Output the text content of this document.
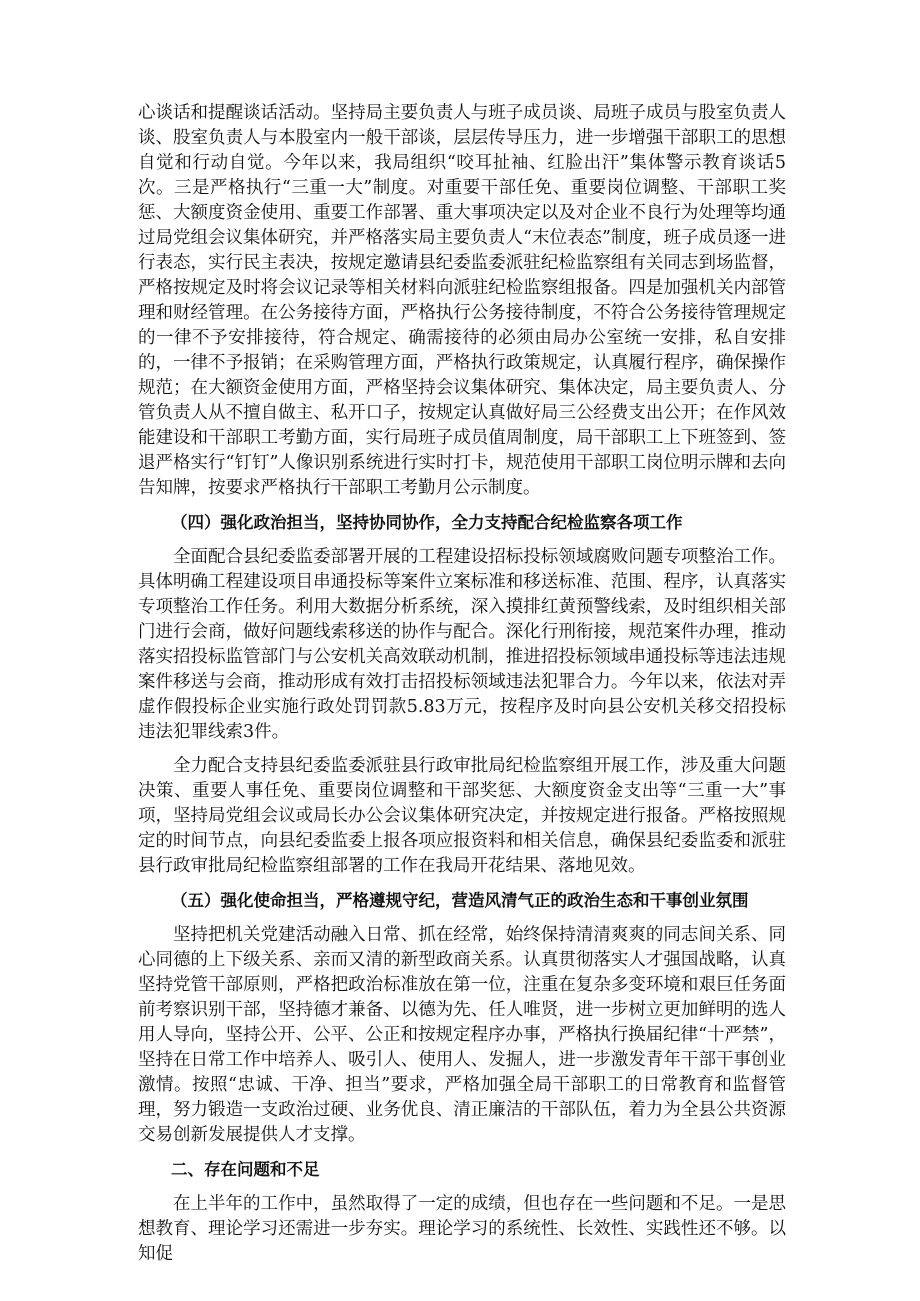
心谈话和提醒谈话活动。坚持局主要负责人与班子成员谈、局班子成员与股室负责人谈、股室负责人与本股室内一般干部谈，层层传导压力，进一步增强干部职工的思想自觉和行动自觉。今年以来，我局组织“咬耳扯袖、红脸出汗”集体警示教育谈话5次。三是严格执行“三重一大”制度。对重要干部任免、重要岗位调整、干部职工奖惩、大额度资金使用、重要工作部署、重大事项决定以及对企业不良行为处理等均通过局党组会议集体研究，并严格落实局主要负责人“末位表态”制度，班子成员逐一进行表态，实行民主表决，按规定邀请县纪委监委派驻纪检监察组有关同志到场监督，严格按规定及时将会议记录等相关材料向派驻纪检监察组报备。四是加强机关内部管理和财经管理。在公务接待方面，严格执行公务接待制度，不符合公务接待管理规定的一律不予安排接待，符合规定、确需接待的必须由局办公室统一安排，私自安排的，一律不予报销；在采购管理方面，严格执行政策规定，认真履行程序，确保操作规范；在大额资金使用方面，严格坚持会议集体研究、集体决定，局主要负责人、分管负责人从不擅自做主、私开口子，按规定认真做好局三公经费支出公开；在作风效能建设和干部职工考勤方面，实行局班子成员值周制度，局干部职工上下班签到、签退严格实行“钉钉”人像识别系统进行实时打卡，规范使用干部职工岗位明示牌和去向告知牌，按要求严格执行干部职工考勤月公示制度。

（四）强化政治担当，坚持协同协作，全力支持配合纪检监察各项工作

全面配合县纪委监委部署开展的工程建设招标投标领域腐败问题专项整治工作。具体明确工程建设项目串通投标等案件立案标准和移送标准、范围、程序，认真落实专项整治工作任务。利用大数据分析系统，深入摸排红黄预警线索，及时组织相关部门进行会商，做好问题线索移送的协作与配合。深化行刑衔接，规范案件办理，推动落实招投标监管部门与公安机关高效联动机制，推进招投标领域串通投标等违法违规案件移送与会商，推动形成有效打击招投标领域违法犯罪合力。今年以来，依法对弄虚作假投标企业实施行政处罚罚款5.83万元，按程序及时向县公安机关移交招投标违法犯罪线索3件。

全力配合支持县纪委监委派驻县行政审批局纪检监察组开展工作，涉及重大问题决策、重要人事任免、重要岗位调整和干部奖惩、大额度资金支出等“三重一大”事项，坚持局党组会议或局长办公会议集体研究决定，并按规定进行报备。严格按照规定的时间节点，向县纪委监委上报各项应报资料和相关信息，确保县纪委监委和派驻县行政审批局纪检监察组部署的工作在我局开花结果、落地见效。

（五）强化使命担当，严格遵规守纪，营造风清气正的政治生态和干事创业氛围

坚持把机关党建活动融入日常、抓在经常，始终保持清清爽爽的同志间关系、同心同德的上下级关系、亲而又清的新型政商关系。认真贯彻落实人才强国战略，认真坚持党管干部原则，严格把政治标准放在第一位，注重在复杂多变环境和艰巨任务面前考察识别干部，坚持德才兼备、以德为先、任人唯贤，进一步树立更加鲜明的选人用人导向，坚持公开、公平、公正和按规定程序办事，严格执行换届纪律“十严禁”，坚持在日常工作中培养人、吸引人、使用人、发掘人，进一步激发青年干部干事创业激情。按照“忠诚、干净、担当”要求，严格加强全局干部职工的日常教育和监督管理，努力锻造一支政治过硬、业务优良、清正廉洁的干部队伍，着力为全县公共资源交易创新发展提供人才支撑。

二、存在问题和不足

在上半年的工作中，虽然取得了一定的成绩，但也存在一些问题和不足。一是思想教育、理论学习还需进一步夯实。理论学习的系统性、长效性、实践性还不够。以知促
